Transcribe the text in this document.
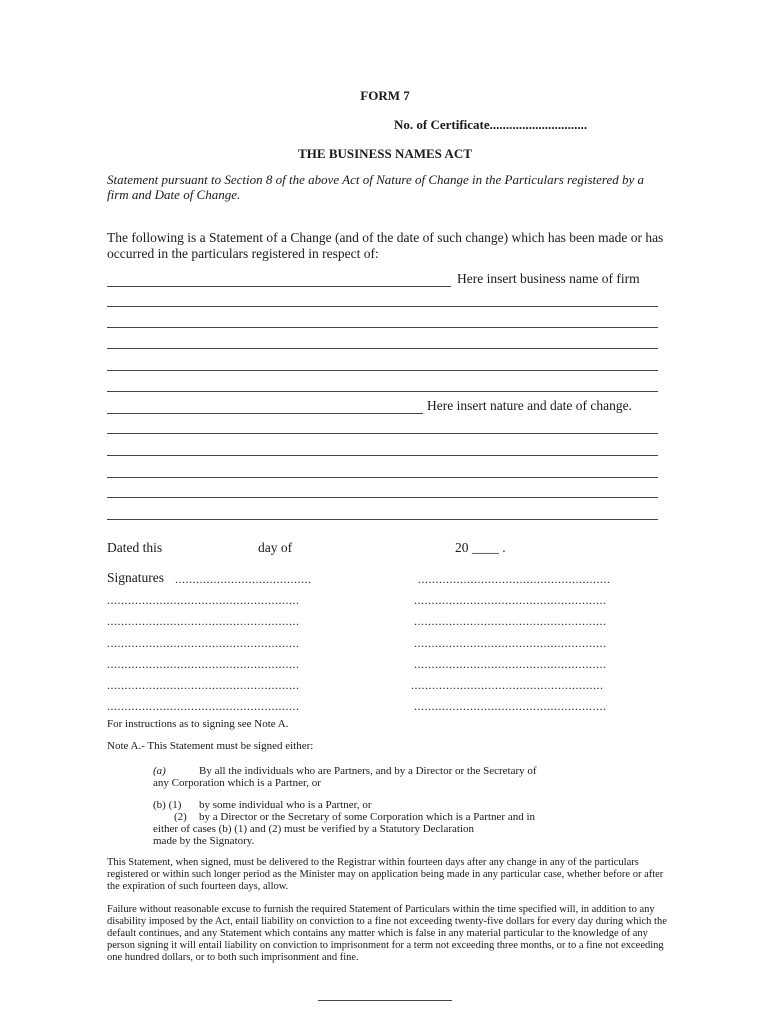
FORM 7
No. of Certificate..............................
THE BUSINESS NAMES ACT
Statement pursuant to Section 8 of the above Act of Nature of Change in the Particulars registered by a firm and Date of Change.
The following is a Statement of a Change (and of the date of such change) which has been made or has occurred in the particulars registered in respect of:
Here insert business name of firm
Here insert nature and date of change.
Dated this	day of	20 ____ .
Signatures .......................................	.......................................................
.......................................................	.......................................................
.......................................................	.......................................................
.......................................................	.......................................................
.......................................................	.......................................................
.......................................................	.......................................................
.......................................................	.......................................................
For instructions as to signing see Note A.
Note A.- This Statement must be signed either:
(a)	By all the individuals who are Partners, and by a Director or the Secretary of
any Corporation which is a Partner, or
(b) (1) by some individual who is a Partner, or
(2) by a Director or the Secretary of some Corporation which is a Partner and in
either of cases (b) (1) and (2) must be verified by a Statutory Declaration
made by the Signatory.
This Statement, when signed, must be delivered to the Registrar within fourteen days after any change in any of the particulars registered or within such longer period as the Minister may on application being made in any particular case, whether before or after the expiration of such fourteen days, allow.
Failure without reasonable excuse to furnish the required Statement of Particulars within the time specified will, in addition to any disability imposed by the Act, entail liability on conviction to a fine not exceeding twenty-five dollars for every day during which the default continues, and any Statement which contains any matter which is false in any material particular to the knowledge of any person signing it will entail liability on conviction to imprisonment for a term not exceeding three months, or to a fine not exceeding one hundred dollars, or to both such imprisonment and fine.
